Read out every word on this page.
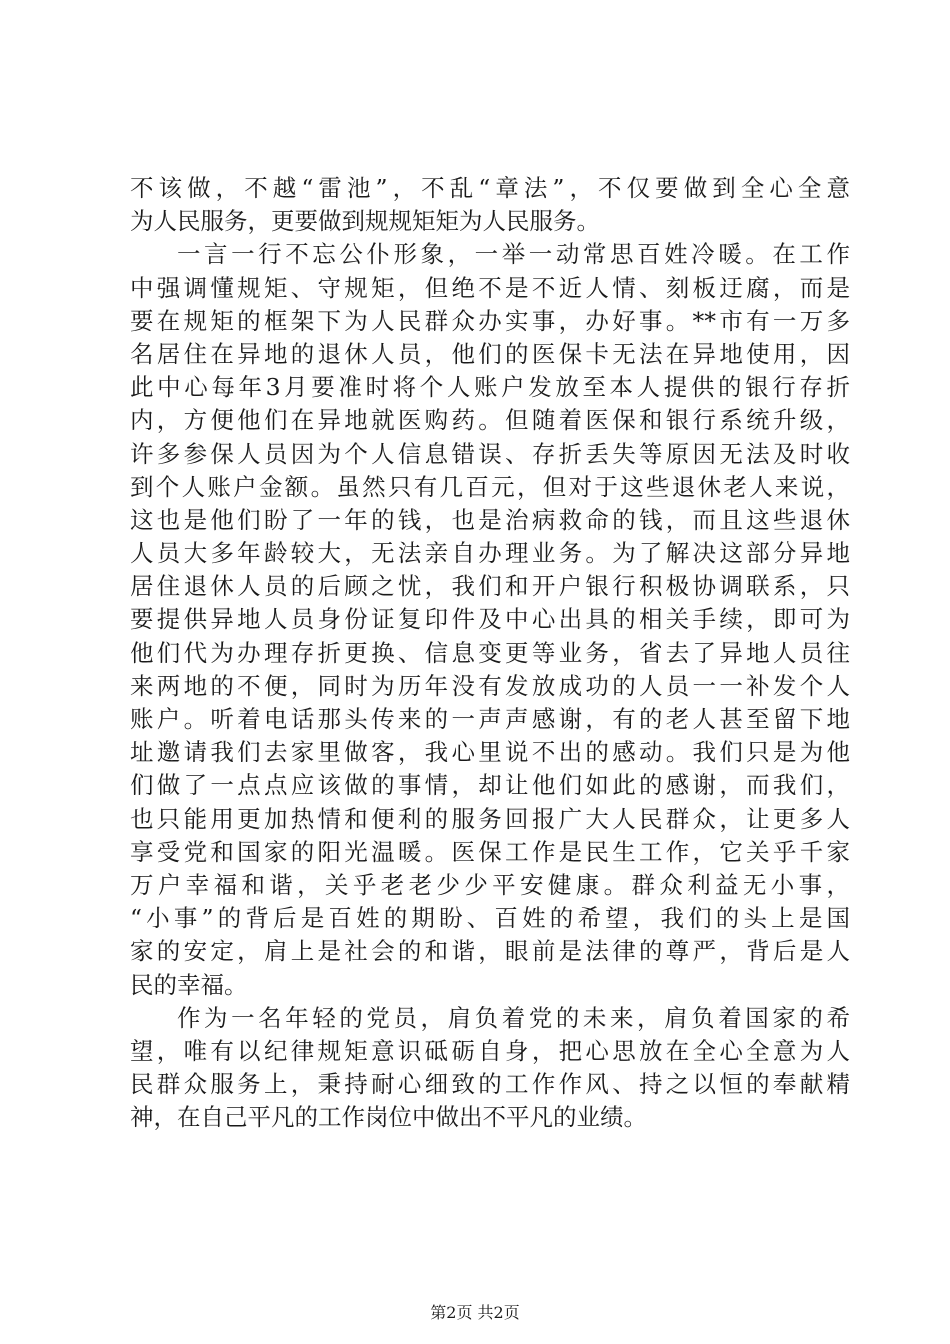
不该做，不越“雷池”，不乱“章法”，不仅要做到全心全意
为人民服务，更要做到规规矩矩为人民服务。
一言一行不忘公仆形象，一举一动常思百姓冷暖。在工作
中强调懂规矩、守规矩，但绝不是不近人情、刻板迂腐，而是
要在规矩的框架下为人民群众办实事，办好事。**市有一万多
名居住在异地的退休人员，他们的医保卡无法在异地使用，因
此中心每年3月要准时将个人账户发放至本人提供的银行存折
内，方便他们在异地就医购药。但随着医保和银行系统升级，
许多参保人员因为个人信息错误、存折丢失等原因无法及时收
到个人账户金额。虽然只有几百元，但对于这些退休老人来说，
这也是他们盼了一年的钱，也是治病救命的钱，而且这些退休
人员大多年龄较大，无法亲自办理业务。为了解决这部分异地
居住退休人员的后顾之忧，我们和开户银行积极协调联系，只
要提供异地人员身份证复印件及中心出具的相关手续，即可为
他们代为办理存折更换、信息变更等业务，省去了异地人员往
来两地的不便，同时为历年没有发放成功的人员一一补发个人
账户。听着电话那头传来的一声声感谢，有的老人甚至留下地
址邀请我们去家里做客，我心里说不出的感动。我们只是为他
们做了一点点应该做的事情，却让他们如此的感谢，而我们，
也只能用更加热情和便利的服务回报广大人民群众，让更多人
享受党和国家的阳光温暖。医保工作是民生工作，它关乎千家
万户幸福和谐，关乎老老少少平安健康。群众利益无小事，
“小事”的背后是百姓的期盼、百姓的希望，我们的头上是国
家的安定，肩上是社会的和谐，眼前是法律的尊严，背后是人
民的幸福。
作为一名年轻的党员，肩负着党的未来，肩负着国家的希
望，唯有以纪律规矩意识砥砺自身，把心思放在全心全意为人
民群众服务上，秉持耐心细致的工作作风、持之以恒的奉献精
神，在自己平凡的工作岗位中做出不平凡的业绩。
第2页 共2页
